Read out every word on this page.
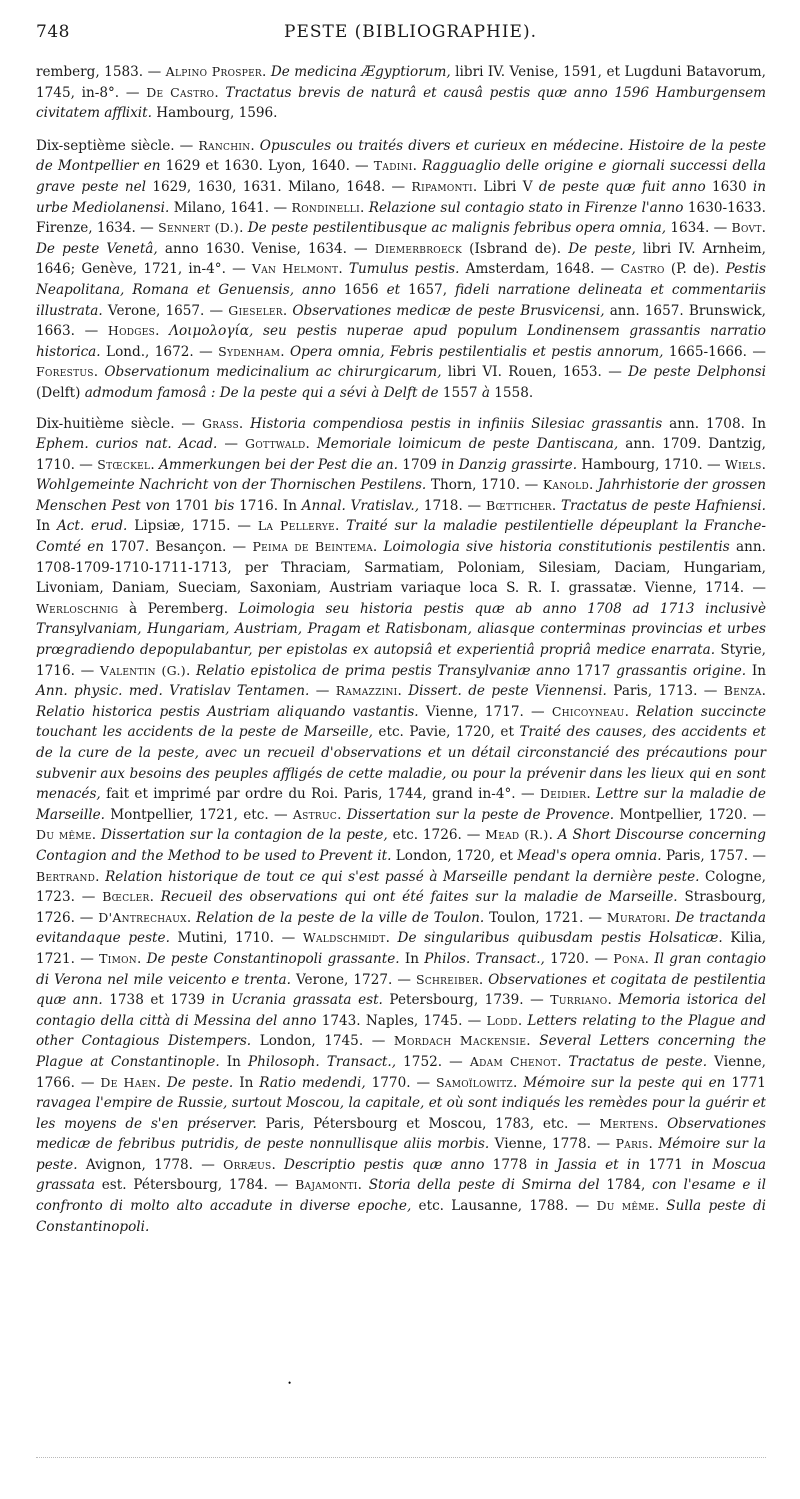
748	PESTE (BIBLIOGRAPHIE).

remberg, 1583. — Alpino Prosper. De medicina Ægyptiorum, libri IV. Venise, 1591, et Lugduni Batavorum, 1745, in-8°. — De Castro. Tractatus brevis de naturâ et causâ pestis quæ anno 1596 Hamburgensem civitatem afflixit. Hambourg, 1596.

Dix-septième siècle. — Ranchin. Opuscules ou traités divers et curieux en médecine. Histoire de la peste de Montpellier en 1629 et 1630. Lyon, 1640. — Tadini. Ragguaglio delle origine e giornali successi della grave peste nel 1629, 1630, 1631. Milano, 1648. — Ripamonti. Libri V de peste quæ fuit anno 1630 in urbe Mediolanensi. Milano, 1641. — Rondinelli. Relazione sul contagio stato in Firenze l'anno 1630-1633. Firenze, 1634. — Sennert (D.). De peste pestilentibusque ac malignis febribus opera omnia, 1634. — Bovt. De peste Venetâ, anno 1630. Venise, 1634. — Diemerbroeck (Isbrand de). De peste, libri IV. Arnheim, 1646; Genève, 1721, in-4°. — Van Helmont. Tumulus pestis. Amsterdam, 1648. — Castro (P. de). Pestis Neapolitana, Romana et Genuensis, anno 1656 et 1657, fideli narratione delineata et commentariis illustrata. Verone, 1657. — Gieseler. Observationes medicæ de peste Brusvicensi, ann. 1657. Brunswick, 1663. — Hodges. Λοιμολογία, seu pestis nuperae apud populum Londinensem grassantis narratio historica. Lond., 1672. — Sydenham. Opera omnia, Febris pestilentialis et pestis annorum, 1665-1666. — Forestus. Observationum medicinalium ac chirurgicarum, libri VI. Rouen, 1653. — De peste Delphonsi (Delft) admodum famosâ : De la peste qui a sévi à Delft de 1557 à 1558.

Dix-huitième siècle. — Grass. Historia compendiosa pestis in infiniis Silesiac grassantis ann. 1708. In Ephem. curios nat. Acad. — Gottwald. Memoriale loimicum de peste Dantiscana, ann. 1709. Dantzig, 1710. — Stœckel. Ammerkungen bei der Pest die an. 1709 in Danzig grassirte. Hambourg, 1710. — Wiels. Wohlgemeinte Nachricht von der Thornischen Pestilens. Thorn, 1710. — Kanold. Jahrhistorie der grossen Menschen Pest von 1701 bis 1716. In Annal. Vratislav., 1718. — Bœtticher. Tractatus de peste Hafniensi. In Act. erud. Lipsiæ, 1715. — La Pellerye. Traité sur la maladie pestilentielle dépeuplant la Franche-Comté en 1707. Besançon. — Peima de Beintema. Loimologia sive historia constitutionis pestilentis ann. 1708-1709-1710-1711-1713, per Thraciam, Sarmatiam, Poloniam, Silesiam, Daciam, Hungariam, Livoniam, Daniam, Sueciam, Saxoniam, Austriam variaque loca S. R. I. grassatæ. Vienne, 1714. — Werloschnig à Peremberg. Loimologia seu historia pestis quæ ab anno 1708 ad 1713 inclusivè Transylvaniam, Hungariam, Austriam, Pragam et Ratisbonam, aliasque conterminas provincias et urbes prœgradiendo depopulabantur, per epistolas ex autopsiâ et experientiâ propriâ medice enarrata. Styrie, 1716. — Valentin (G.). Relatio epistolica de prima pestis Transylvaniæ anno 1717 grassantis origine. In Ann. physic. med. Vratislav Tentamen. — Ramazzini. Dissert. de peste Viennensi. Paris, 1713. — Benza. Relatio historica pestis Austriam aliquando vastantis. Vienne, 1717. — Chicoyneau. Relation succincte touchant les accidents de la peste de Marseille, etc. Pavie, 1720, et Traité des causes, des accidents et de la cure de la peste, avec un recueil d'observations et un détail circonstancié des précautions pour subvenir aux besoins des peuples affligés de cette maladie, ou pour la prévenir dans les lieux qui en sont menacés, fait et imprimé par ordre du Roi. Paris, 1744, grand in-4°. — Deidier. Lettre sur la maladie de Marseille. Montpellier, 1721, etc. — Astruc. Dissertation sur la peste de Provence. Montpellier, 1720. — Du même. Dissertation sur la contagion de la peste, etc. 1726. — Mead (R.). A Short Discourse concerning Contagion and the Method to be used to Prevent it. London, 1720, et Mead's opera omnia. Paris, 1757. — Bertrand. Relation historique de tout ce qui s'est passé à Marseille pendant la dernière peste. Cologne, 1723. — Bœcler. Recueil des observations qui ont été faites sur la maladie de Marseille. Strasbourg, 1726. — D'Antrechaux. Relation de la peste de la ville de Toulon. Toulon, 1721. — Muratori. De tractanda evitandaque peste. Mutini, 1710. — Waldschmidt. De singularibus quibusdam pestis Holsaticæ. Kilia, 1721. — Timon. De peste Constantinopoli grassante. In Philos. Transact., 1720. — Pona. Il gran contagio di Verona nel mile veicento e trenta. Verone, 1727. — Schreiber. Observationes et cogitata de pestilentia quæ ann. 1738 et 1739 in Ucrania grassata est. Petersbourg, 1739. — Turriano. Memoria istorica del contagio della città di Messina del anno 1743. Naples, 1745. — Lodd. Letters relating to the Plague and other Contagious Distempers. London, 1745. — Mordach Mackensie. Several Letters concerning the Plague at Constantinople. In Philosoph. Transact., 1752. — Adam Chenot. Tractatus de peste. Vienne, 1766. — De Haen. De peste. In Ratio medendi, 1770. — Samoïlowitz. Mémoire sur la peste qui en 1771 ravagea l'empire de Russie, surtout Moscou, la capitale, et où sont indiqués les remèdes pour la guérir et les moyens de s'en préserver. Paris, Pétersbourg et Moscou, 1783, etc. — Mertens. Observationes medicæ de febribus putridis, de peste nonnullisque aliis morbis. Vienne, 1778. — Paris. Mémoire sur la peste. Avignon, 1778. — Orræus. Descriptio pestis quæ anno 1778 in Jassia et in 1771 in Moscua grassata est. Pétersbourg, 1784. — Bajamonti. Storia della peste di Smirna del 1784, con l'esame e il confronto di molto alto accadute in diverse epoche, etc. Lausanne, 1788. — Du même. Sulla peste di Constantinopoli.

•
